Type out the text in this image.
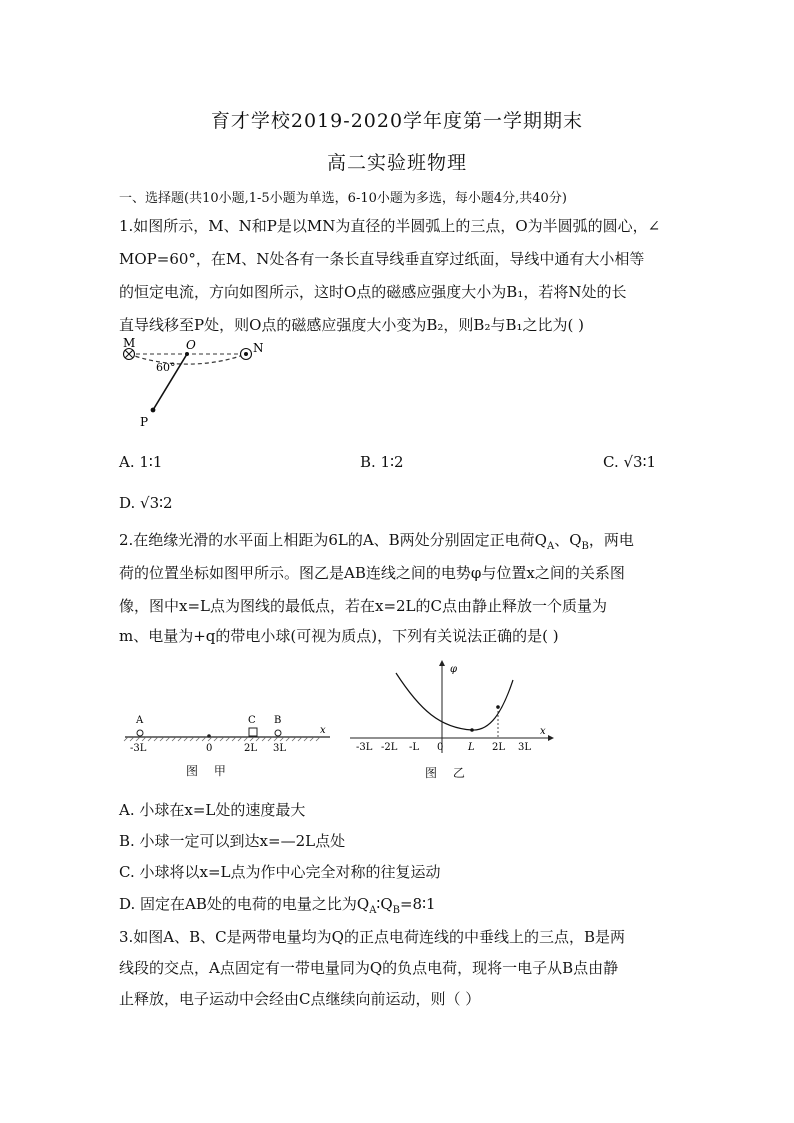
育才学校2019-2020学年度第一学期期末
高二实验班物理
一、选择题(共10小题,1-5小题为单选，6-10小题为多选，每小题4分,共40分)
1.如图所示，M、N和P是以MN为直径的半圆弧上的三点，O为半圆弧的圆心，∠
MOP=60°，在M、N处各有一条长直导线垂直穿过纸面，导线中通有大小相等
的恒定电流，方向如图所示，这时O点的磁感应强度大小为B₁，若将N处的长
直导线移至P处，则O点的磁感应强度大小变为B₂，则B₂与B₁之比为( )
M	O	N
P
60°
A. 1∶1	B. 1∶2	C. √3∶1
D. √3∶2
2.在绝缘光滑的水平面上相距为6L的A、B两处分别固定正电荷$Q_A$、$Q_B$，两电
荷的位置坐标如图甲所示。图乙是AB连线之间的电势φ与位置x之间的关系图
像，图中x=L点为图线的最低点，若在x=2L的C点由静止释放一个质量为
m、电量为+q的带电小球(可视为质点)，下列有关说法正确的是( )
A	C B
x
-3L	0	2L 3L
图 甲
φ
x
-3L -2L -L 0 L 2L 3L
图 乙
A. 小球在x=L处的速度最大
B. 小球一定可以到达x=—2L点处
C. 小球将以x=L点为作中心完全对称的往复运动
D. 固定在AB处的电荷的电量之比为$Q_A∶Q_B=8∶1$
3.如图A、B、C是两带电量均为Q的正点电荷连线的中垂线上的三点，B是两
线段的交点，A点固定有一带电量同为Q的负点电荷，现将一电子从B点由静
止释放，电子运动中会经由C点继续向前运动，则（ ）
